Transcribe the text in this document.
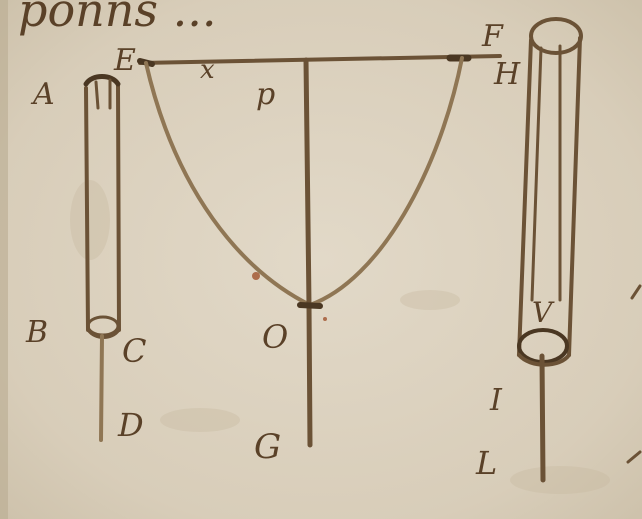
ponns ...
A
E x
p
F
H
B C
D
O
G
V
I
L
